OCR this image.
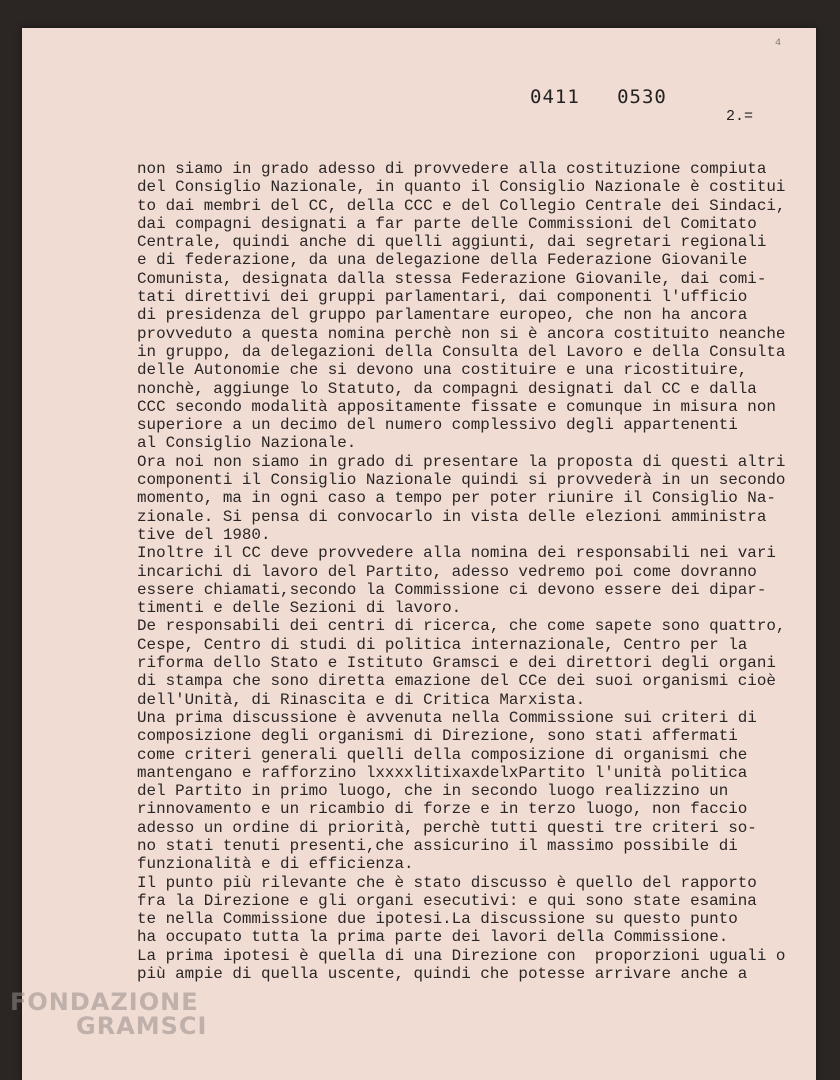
4
0411   0530
2.=
non siamo in grado adesso di provvedere alla costituzione compiuta
del Consiglio Nazionale, in quanto il Consiglio Nazionale è costitui
to dai membri del CC, della CCC e del Collegio Centrale dei Sindaci,
dai compagni designati a far parte delle Commissioni del Comitato
Centrale, quindi anche di quelli aggiunti, dai segretari regionali
e di federazione, da una delegazione della Federazione Giovanile
Comunista, designata dalla stessa Federazione Giovanile, dai comi-
tati direttivi dei gruppi parlamentari, dai componenti l'ufficio
di presidenza del gruppo parlamentare europeo, che non ha ancora
provveduto a questa nomina perchè non si è ancora costituito neanche
in gruppo, da delegazioni della Consulta del Lavoro e della Consulta
delle Autonomie che si devono una costituire e una ricostituire,
nonchè, aggiunge lo Statuto, da compagni designati dal CC e dalla
CCC secondo modalità appositamente fissate e comunque in misura non
superiore a un decimo del numero complessivo degli appartenenti
al Consiglio Nazionale.
Ora noi non siamo in grado di presentare la proposta di questi altri
componenti il Consiglio Nazionale quindi si provvederà in un secondo
momento, ma in ogni caso a tempo per poter riunire il Consiglio Na-
zionale. Si pensa di convocarlo in vista delle elezioni amministra
tive del 1980.
Inoltre il CC deve provvedere alla nomina dei responsabili nei vari
incarichi di lavoro del Partito, adesso vedremo poi come dovranno
essere chiamati,secondo la Commissione ci devono essere dei dipar-
timenti e delle Sezioni di lavoro.
De responsabili dei centri di ricerca, che come sapete sono quattro,
Cespe, Centro di studi di politica internazionale, Centro per la
riforma dello Stato e Istituto Gramsci e dei direttori degli organi
di stampa che sono diretta emazione del CCe dei suoi organismi cioè
dell'Unità, di Rinascita e di Critica Marxista.
Una prima discussione è avvenuta nella Commissione sui criteri di
composizione degli organismi di Direzione, sono stati affermati
come criteri generali quelli della composizione di organismi che
mantengano e rafforzino lxxxxlitixaxdelxPartito l'unità politica
del Partito in primo luogo, che in secondo luogo realizzino un
rinnovamento e un ricambio di forze e in terzo luogo, non faccio
adesso un ordine di priorità, perchè tutti questi tre criteri so-
no stati tenuti presenti,che assicurino il massimo possibile di
funzionalità e di efficienza.
Il punto più rilevante che è stato discusso è quello del rapporto
fra la Direzione e gli organi esecutivi: e qui sono state esamina
te nella Commissione due ipotesi.La discussione su questo punto
ha occupato tutta la prima parte dei lavori della Commissione.
La prima ipotesi è quella di una Direzione con  proporzioni uguali o
più ampie di quella uscente, quindi che potesse arrivare anche a
FONDAZIONE
GRAMSCI
